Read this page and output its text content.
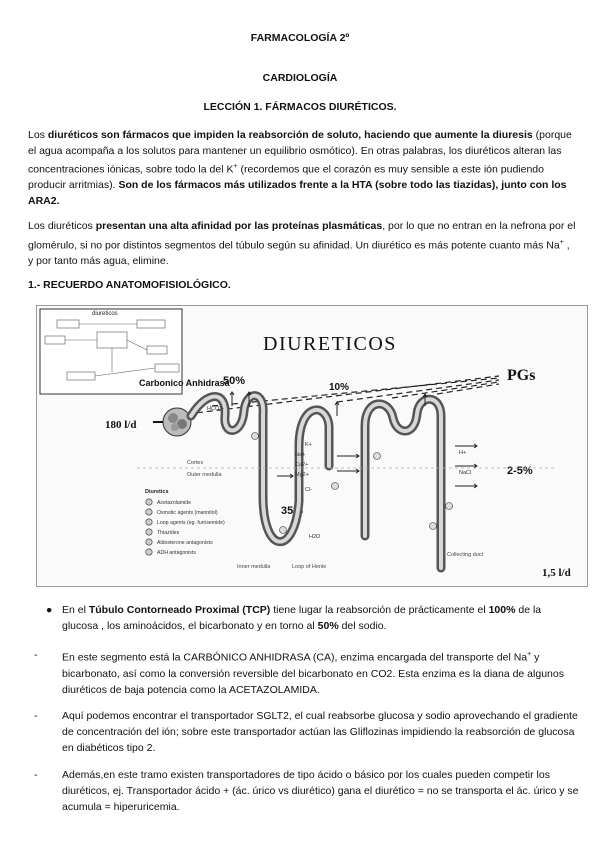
FARMACOLOGÍA 2º
CARDIOLOGÍA
LECCIÓN 1. FÁRMACOS DIURÉTICOS.
Los diuréticos son fármacos que impiden la reabsorción de soluto, haciendo que aumente la diuresis (porque el agua acompaña a los solutos para mantener un equilibrio osmótico). En otras palabras, los diuréticos alteran las concentraciones iónicas, sobre todo la del K+ (recordemos que el corazón es muy sensible a este ión pudiendo producir arritmias). Son de los fármacos más utilizados frente a la HTA (sobre todo las tiazidas), junto con los ARA2.
Los diuréticos presentan una alta afinidad por las proteínas plasmáticas, por lo que no entran en la nefrona por el glomérulo, si no por distintos segmentos del túbulo según su afinidad. Un diurético es más potente cuanto más Na+ , y por tanto más agua, elimine.
1.- RECUERDO ANATOMOFISIOLÓGICO.
diureticos
DIURETICOS
PGs
Carbonico Anhidrasa
50%
10%
35%
2-5%
180 l/d
1,5 l/d
Cortex
Outer medulla
Inner medulla	Loop of Henle
Collecting duct
Na+
K+
H+
Cl-
Ca2+
Mg2+
HCO3-
H2O
NaCl
Diuretics
Acetazolamide
Osmotic agents (mannitol)
Loop agents (eg. furosemide)
Thiazides
Aldosterone antagonists
ADH antagonists
● En el Túbulo Contorneado Proximal (TCP) tiene lugar la reabsorción de prácticamente el 100% de la glucosa , los aminoácidos, el bicarbonato y en torno al 50% del sodio.
-	En este segmento está la CARBÓNICO ANHIDRASA (CA), enzima encargada del transporte del Na+ y bicarbonato, así como la conversión reversible del bicarbonato en CO2. Esta enzima es la diana de algunos diuréticos de baja potencia como la ACETAZOLAMIDA.
-	Aquí podemos encontrar el transportador SGLT2, el cual reabsorbe glucosa y sodio aprovechando el gradiente de concentración del ión; sobre este transportador actúan las Gliflozinas impidiendo la reabsorción de glucosa en diabéticos tipo 2.
-	Además,en este tramo existen transportadores de tipo ácido o básico por los cuales pueden competir los diuréticos, ej. Transportador ácido + (ác. úrico vs diurético) gana el diurético = no se transporta el ác. úrico y se acumula = hiperuricemia.
